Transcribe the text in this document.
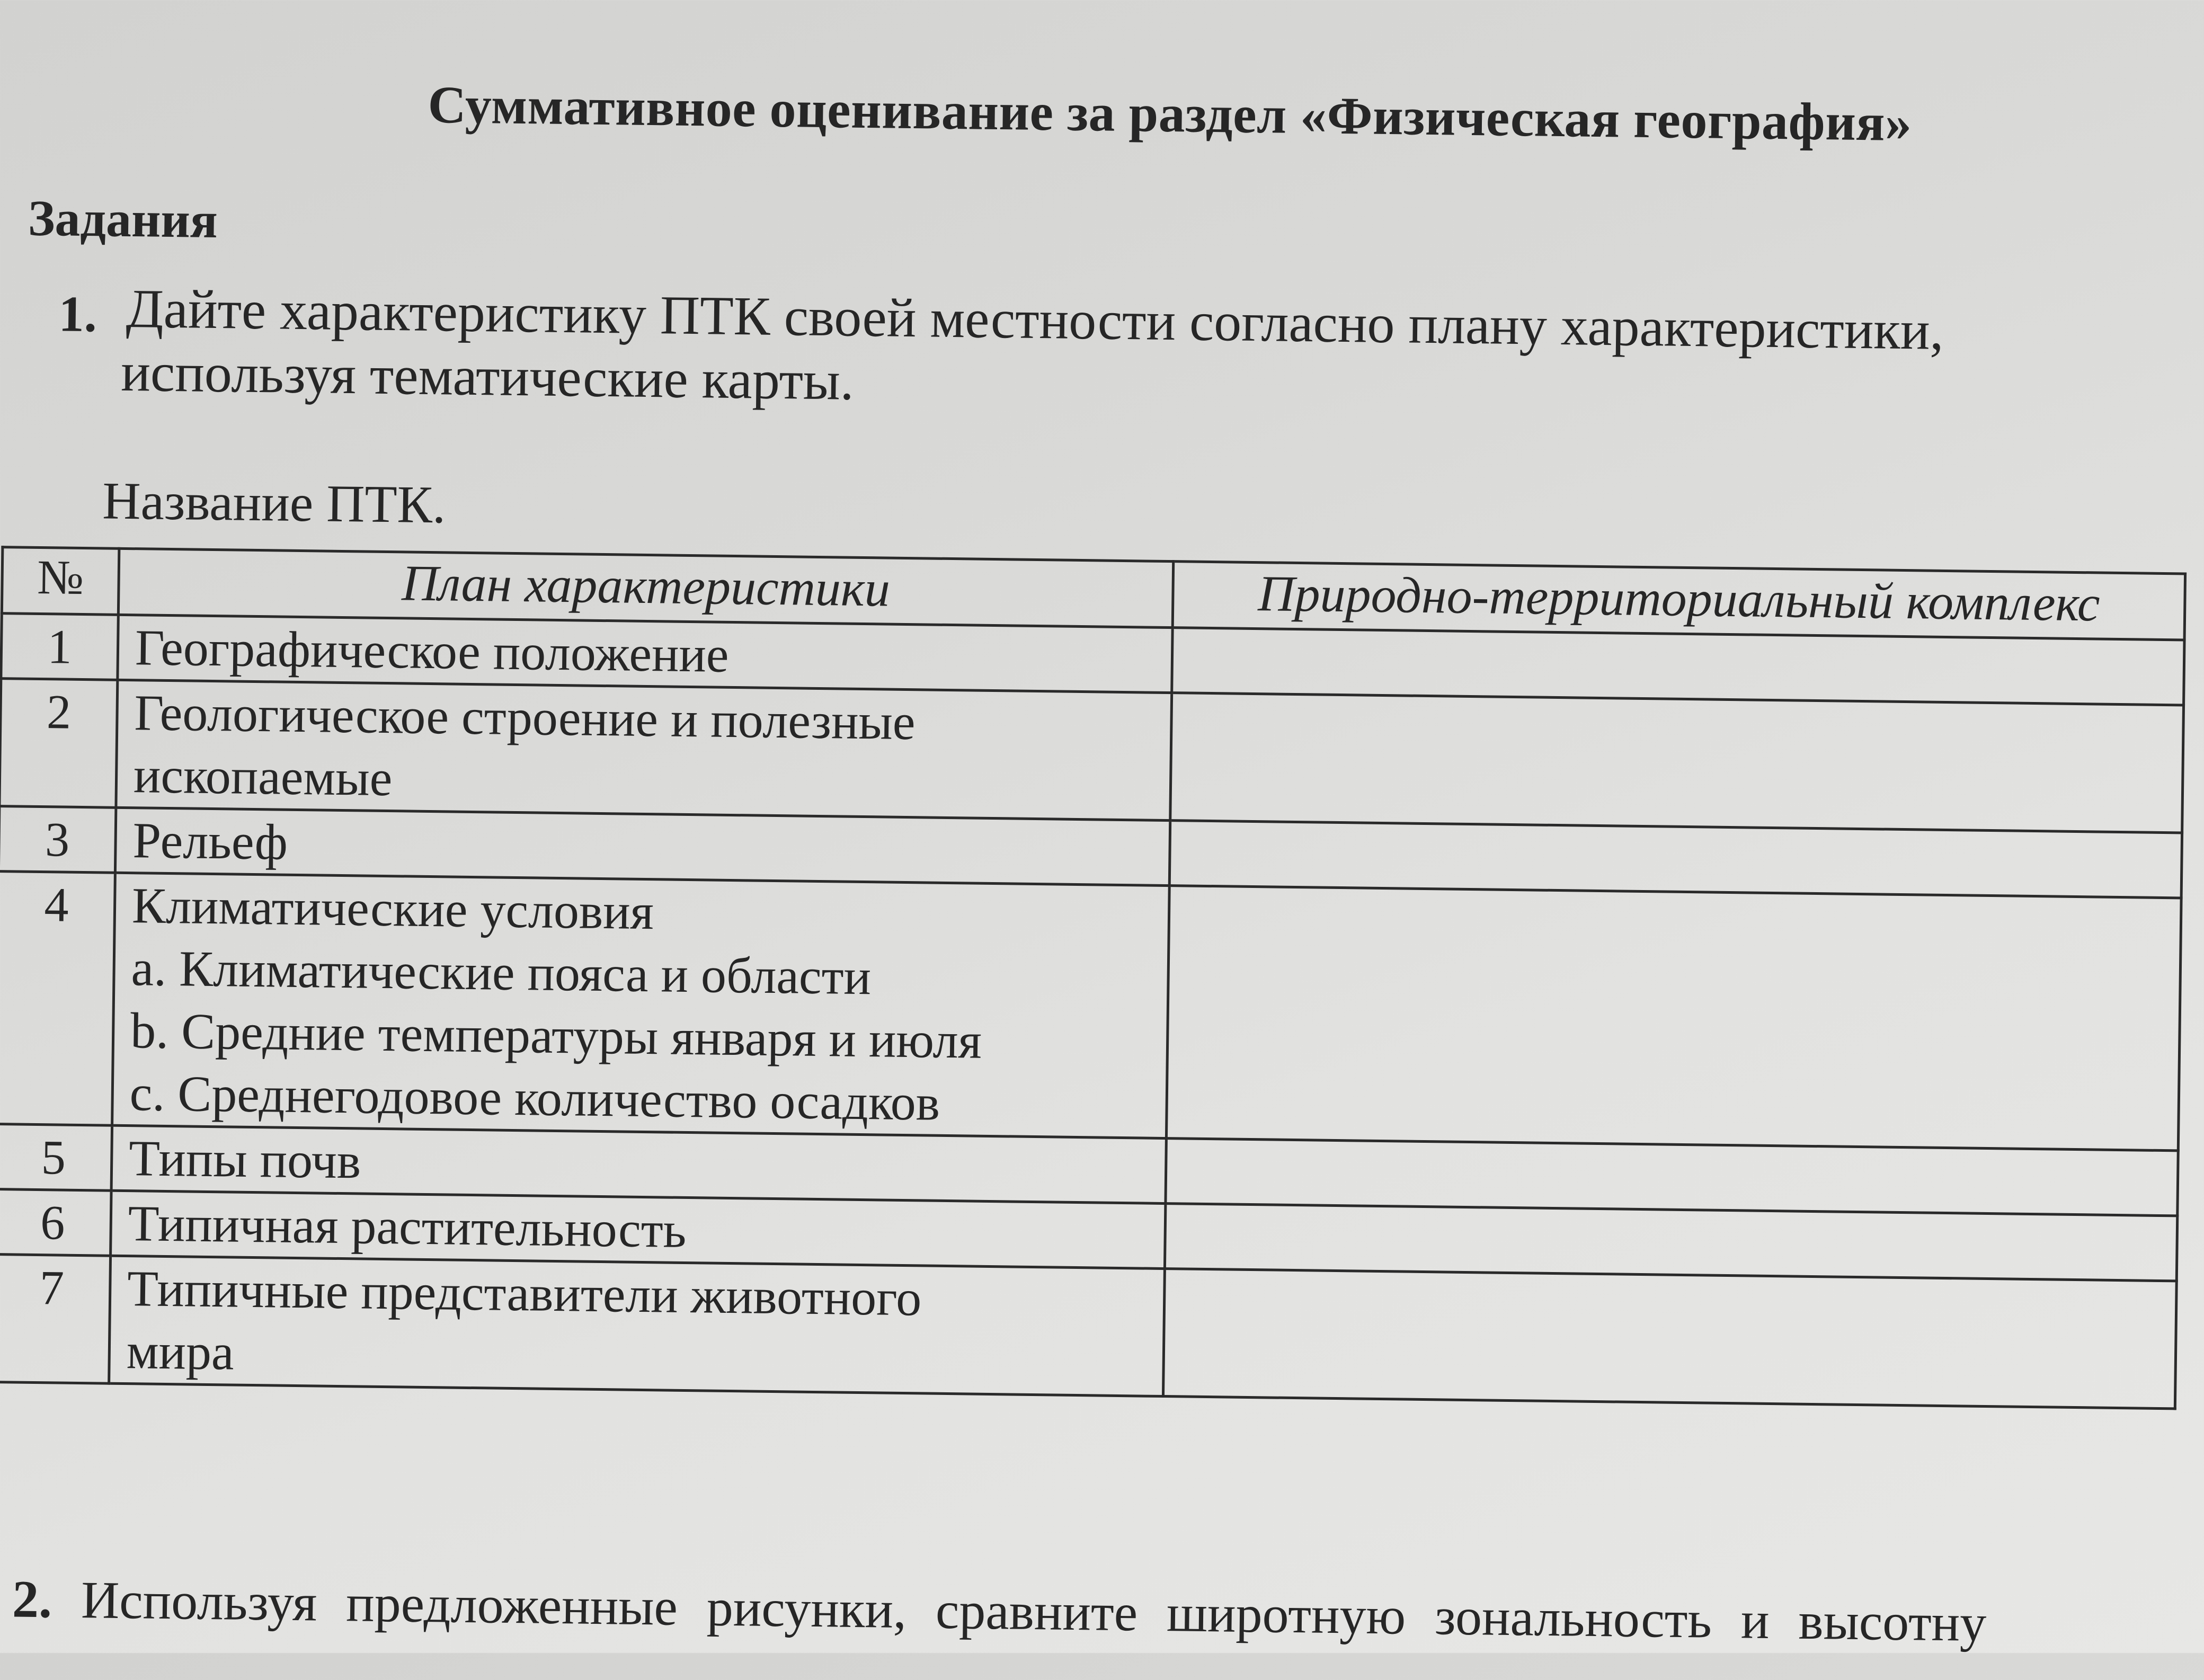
Суммативное оценивание за раздел «Физическая география»
Задания
1. Дайте характеристику ПТК своей местности согласно плану характеристики,
используя тематические карты.
Название ПТК.
№	План характеристики	Природно-территориальный комплекс
1	Географическое положение	

2	Геологическое строение и полезные
ископаемые	

3	Рельеф	

4	Климатические условия
a. Климатические пояса и области
b. Средние температуры января и июля
c. Среднегодовое количество осадков	

5	Типы почв	

6	Типичная растительность	

7	Типичные представители животного
мира	

2. Используя предложенные рисунки, сравните широтную зональность и высотну
